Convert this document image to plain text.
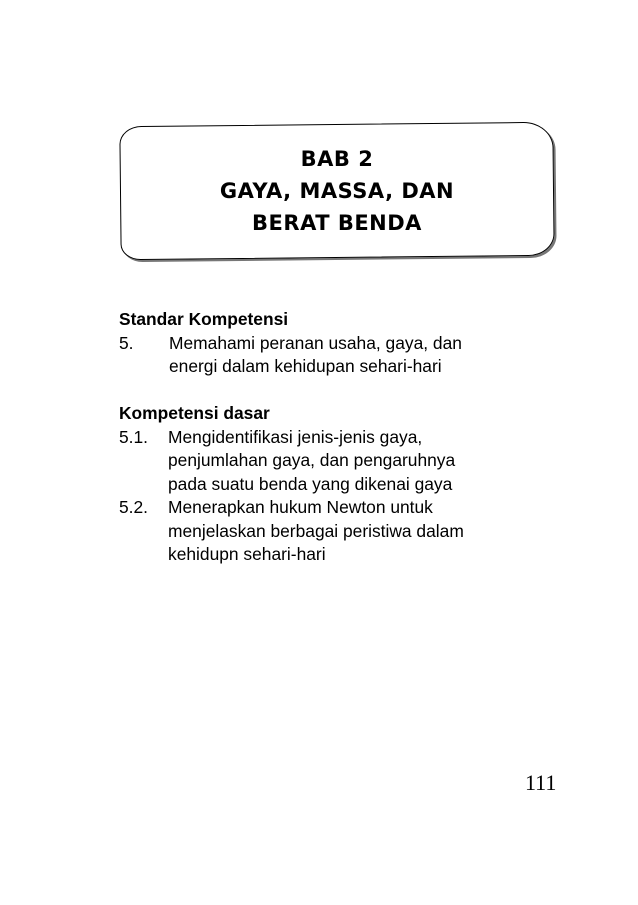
BAB 2
GAYA, MASSA, DAN
BERAT BENDA
Standar Kompetensi
5.	Memahami peranan usaha, gaya, dan
energi dalam kehidupan sehari-hari
Kompetensi dasar
5.1.	Mengidentifikasi jenis-jenis gaya,
penjumlahan gaya, dan pengaruhnya
pada suatu benda yang dikenai gaya
5.2.	Menerapkan hukum Newton untuk
menjelaskan berbagai peristiwa dalam
kehidupn sehari-hari
111
